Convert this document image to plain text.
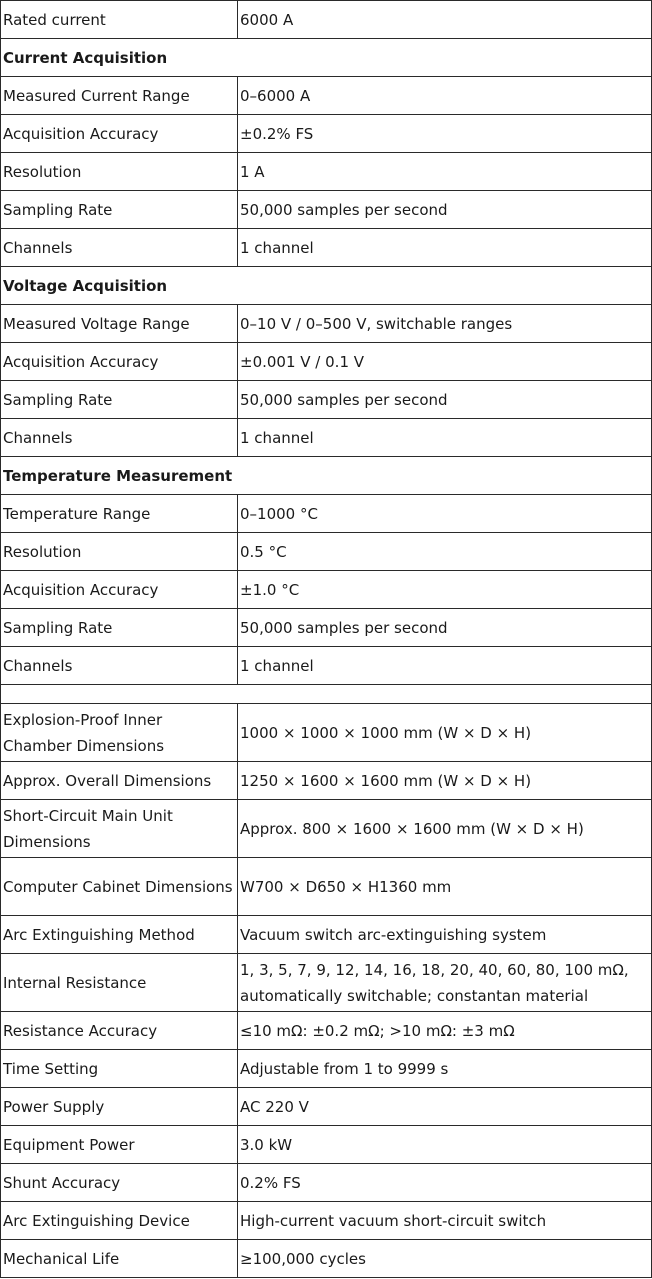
Rated current	6000 A
Current Acquisition	
Measured Current Range	0–6000 A
Acquisition Accuracy	±0.2% FS
Resolution	1 A
Sampling Rate	50,000 samples per second
Channels	1 channel
Voltage Acquisition	
Measured Voltage Range	0–10 V / 0–500 V, switchable ranges
Acquisition Accuracy	±0.001 V / 0.1 V
Sampling Rate	50,000 samples per second
Channels	1 channel
Temperature Measurement	
Temperature Range	0–1000 °C
Resolution	0.5 °C
Acquisition Accuracy	±1.0 °C
Sampling Rate	50,000 samples per second
Channels	1 channel

Explosion-Proof Inner Chamber Dimensions	1000 × 1000 × 1000 mm (W × D × H)
Approx. Overall Dimensions	1250 × 1600 × 1600 mm (W × D × H)
Short-Circuit Main Unit Dimensions	Approx. 800 × 1600 × 1600 mm (W × D × H)
Computer Cabinet Dimensions	W700 × D650 × H1360 mm
Arc Extinguishing Method	Vacuum switch arc-extinguishing system
Internal Resistance	1, 3, 5, 7, 9, 12, 14, 16, 18, 20, 40, 60, 80, 100 mΩ, automatically switchable; constantan material
Resistance Accuracy	≤10 mΩ: ±0.2 mΩ; >10 mΩ: ±3 mΩ
Time Setting	Adjustable from 1 to 9999 s
Power Supply	AC 220 V
Equipment Power	3.0 kW
Shunt Accuracy	0.2% FS
Arc Extinguishing Device	High-current vacuum short-circuit switch
Mechanical Life	≥100,000 cycles
